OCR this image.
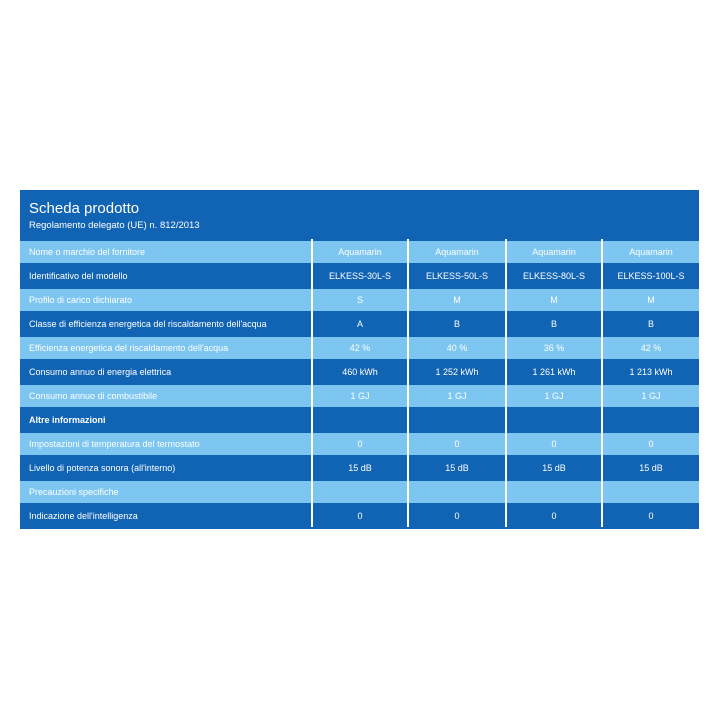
Scheda prodotto
Regolamento delegato (UE) n. 812/2013
Nome o marchio del fornitore	Aquamarin	Aquamarin	Aquamarin	Aquamarin
Identificativo del modello	ELKESS-30L-S	ELKESS-50L-S	ELKESS-80L-S	ELKESS-100L-S
Profilo di carico dichiarato	S	M	M	M
Classe di efficienza energetica del riscaldamento dell'acqua	A	B	B	B
Efficienza energetica del riscaldamento dell'acqua	42 %	40 %	36 %	42 %
Consumo annuo di energia elettrica	460 kWh	1 252 kWh	1 261 kWh	1 213 kWh
Consumo annuo di combustibile	1 GJ	1 GJ	1 GJ	1 GJ
Altre informazioni				
Impostazioni di temperatura del termostato	0	0	0	0
Livello di potenza sonora (all'interno)	15 dB	15 dB	15 dB	15 dB
Precauzioni specifiche				
Indicazione dell'intelligenza	0	0	0	0
